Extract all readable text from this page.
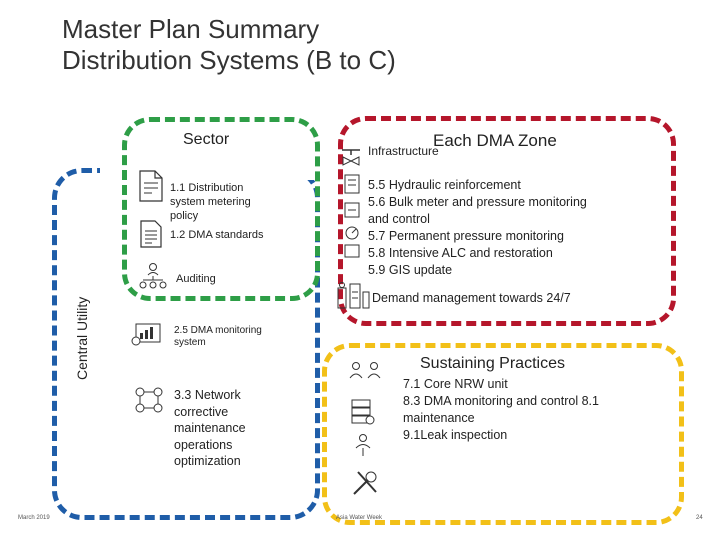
Master Plan Summary
Distribution Systems (B to C)
Sector	Each DMA Zone
Infrastructure
Central Utility
1.1 Distribution
system metering
policy
1.2 DMA standards
Auditing
5.5 Hydraulic reinforcement
5.6 Bulk meter and pressure monitoring
and control
5.7 Permanent pressure monitoring
5.8 Intensive ALC and restoration
5.9 GIS update
Demand management towards 24/7
2.5 DMA monitoring
system
3.3 Network
corrective
maintenance
operations
optimization
Sustaining Practices
7.1 Core NRW unit
8.3 DMA monitoring and control 8.1
maintenance
9.1Leak inspection
March 2019	Asia Water Week	24
